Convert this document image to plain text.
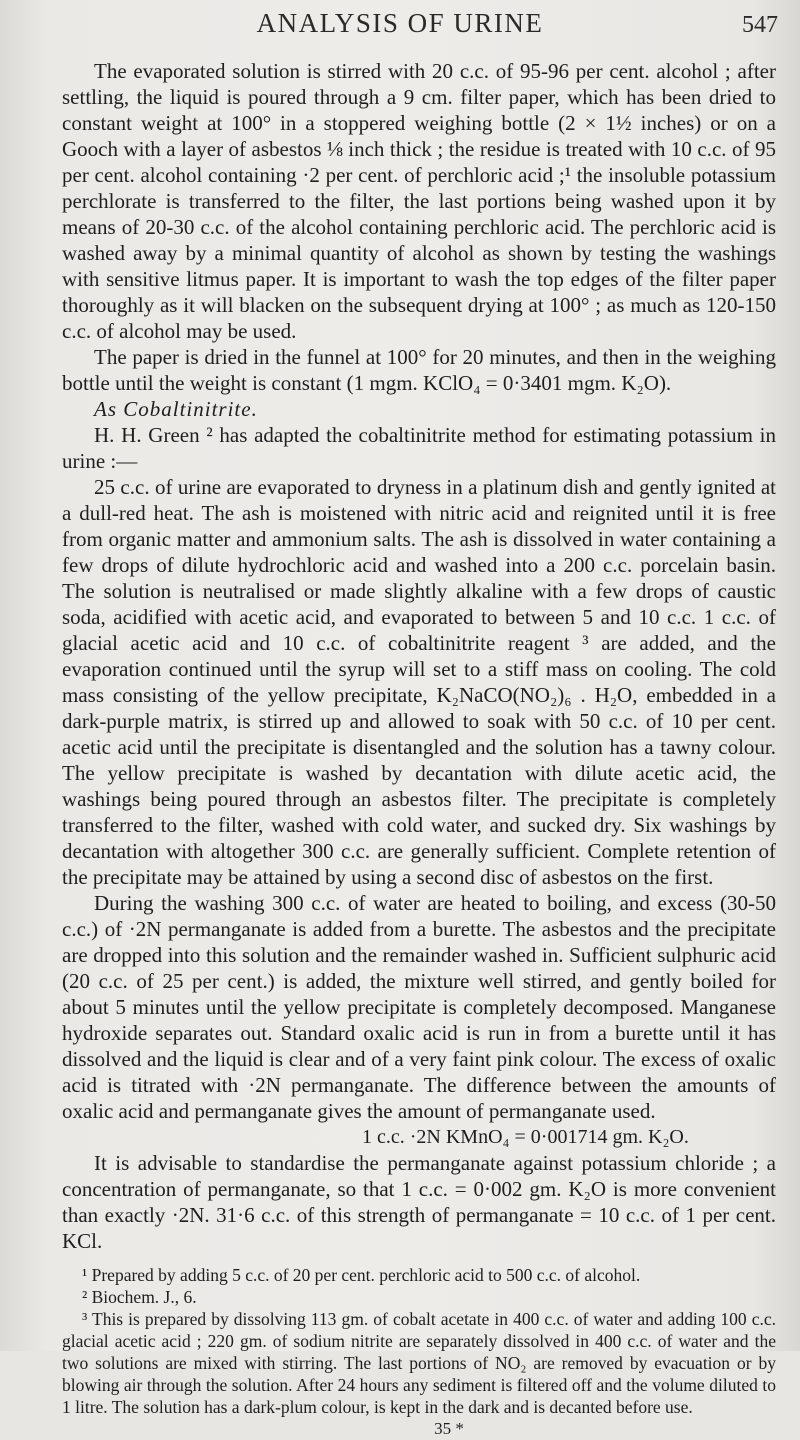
ANALYSIS OF URINE	547

The evaporated solution is stirred with 20 c.c. of 95-96 per cent. alcohol ; after settling, the liquid is poured through a 9 cm. filter paper, which has been dried to constant weight at 100° in a stoppered weighing bottle (2 × 1½ inches) or on a Gooch with a layer of asbestos ⅛ inch thick ; the residue is treated with 10 c.c. of 95 per cent. alcohol containing ·2 per cent. of perchloric acid ;¹ the insoluble potassium perchlorate is transferred to the filter, the last portions being washed upon it by means of 20-30 c.c. of the alcohol containing perchloric acid. The perchloric acid is washed away by a minimal quantity of alcohol as shown by testing the washings with sensitive litmus paper. It is important to wash the top edges of the filter paper thoroughly as it will blacken on the subsequent drying at 100° ; as much as 120-150 c.c. of alcohol may be used.

The paper is dried in the funnel at 100° for 20 minutes, and then in the weighing bottle until the weight is constant (1 mgm. KClO₄ = 0·3401 mgm. K₂O).

As Cobaltinitrite.

H. H. Green ² has adapted the cobaltinitrite method for estimating potassium in urine :—

25 c.c. of urine are evaporated to dryness in a platinum dish and gently ignited at a dull-red heat. The ash is moistened with nitric acid and reignited until it is free from organic matter and ammonium salts. The ash is dissolved in water containing a few drops of dilute hydrochloric acid and washed into a 200 c.c. porcelain basin. The solution is neutralised or made slightly alkaline with a few drops of caustic soda, acidified with acetic acid, and evaporated to between 5 and 10 c.c. 1 c.c. of glacial acetic acid and 10 c.c. of cobaltinitrite reagent ³ are added, and the evaporation continued until the syrup will set to a stiff mass on cooling. The cold mass consisting of the yellow precipitate, K₂NaCO(NO₂)₆ . H₂O, embedded in a dark-purple matrix, is stirred up and allowed to soak with 50 c.c. of 10 per cent. acetic acid until the precipitate is disentangled and the solution has a tawny colour. The yellow precipitate is washed by decantation with dilute acetic acid, the washings being poured through an asbestos filter. The precipitate is completely transferred to the filter, washed with cold water, and sucked dry. Six washings by decantation with altogether 300 c.c. are generally sufficient. Complete retention of the precipitate may be attained by using a second disc of asbestos on the first.

During the washing 300 c.c. of water are heated to boiling, and excess (30-50 c.c.) of ·2N permanganate is added from a burette. The asbestos and the precipitate are dropped into this solution and the remainder washed in. Sufficient sulphuric acid (20 c.c. of 25 per cent.) is added, the mixture well stirred, and gently boiled for about 5 minutes until the yellow precipitate is completely decomposed. Manganese hydroxide separates out. Standard oxalic acid is run in from a burette until it has dissolved and the liquid is clear and of a very faint pink colour. The excess of oxalic acid is titrated with ·2N permanganate. The difference between the amounts of oxalic acid and permanganate gives the amount of permanganate used.

1 c.c. ·2N KMnO₄ = 0·001714 gm. K₂O.

It is advisable to standardise the permanganate against potassium chloride ; a concentration of permanganate, so that 1 c.c. = 0·002 gm. K₂O is more convenient than exactly ·2N. 31·6 c.c. of this strength of permanganate = 10 c.c. of 1 per cent. KCl.

¹ Prepared by adding 5 c.c. of 20 per cent. perchloric acid to 500 c.c. of alcohol.

² Biochem. J., 6.

³ This is prepared by dissolving 113 gm. of cobalt acetate in 400 c.c. of water and adding 100 c.c. glacial acetic acid ; 220 gm. of sodium nitrite are separately dissolved in 400 c.c. of water and the two solutions are mixed with stirring. The last portions of NO₂ are removed by evacuation or by blowing air through the solution. After 24 hours any sediment is filtered off and the volume diluted to 1 litre. The solution has a dark-plum colour, is kept in the dark and is decanted before use.

35 *
